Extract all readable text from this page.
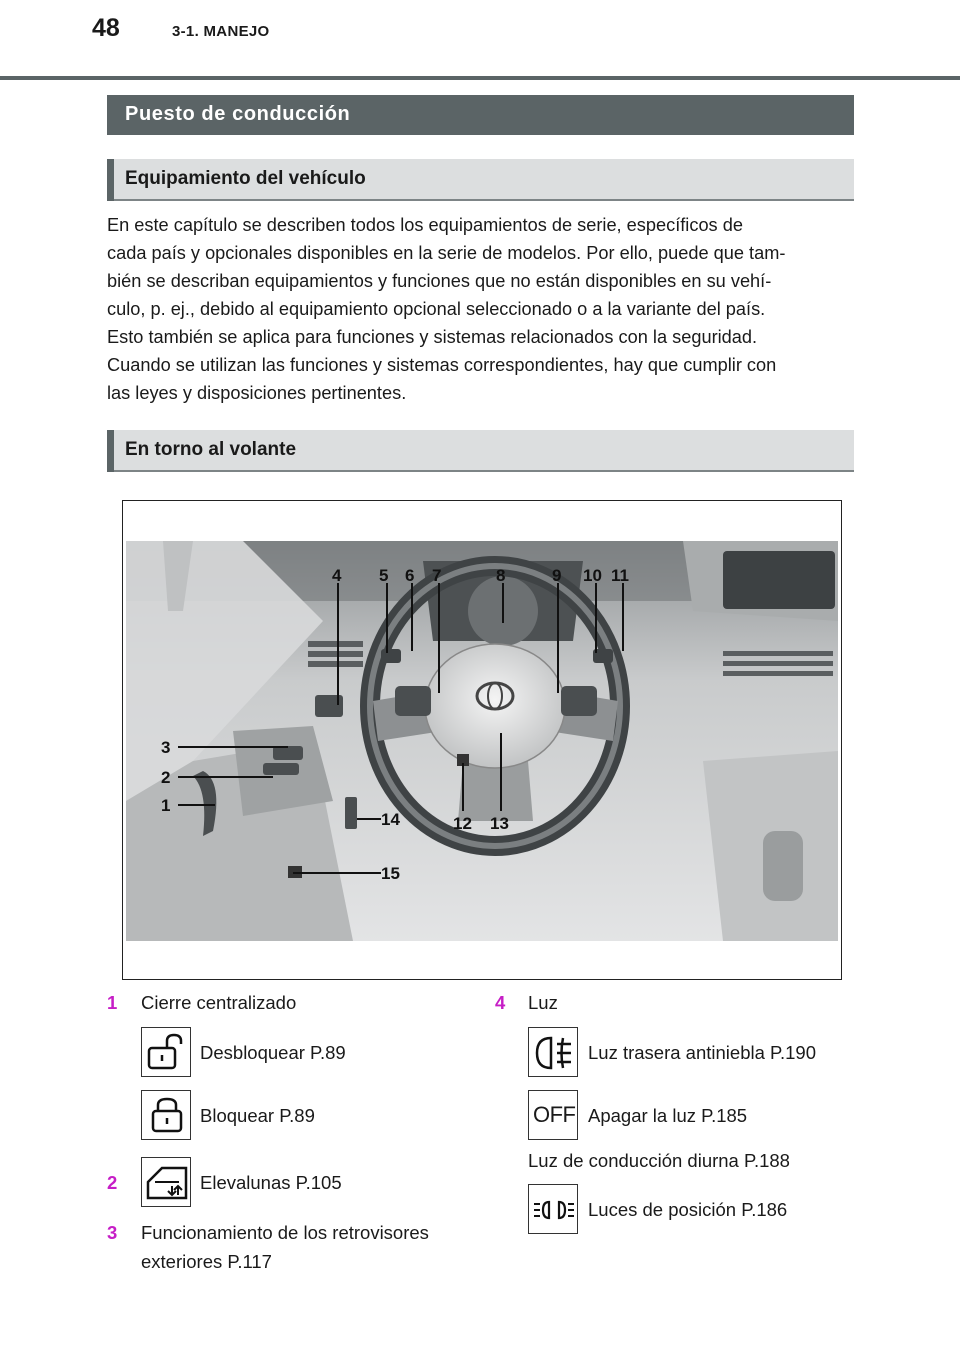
48	3-1. MANEJO
Puesto de conducción
Equipamiento del vehículo
En este capítulo se describen todos los equipamientos de serie, específicos de
cada país y opcionales disponibles en la serie de modelos. Por ello, puede que tam-
bién se describan equipamientos y funciones que no están disponibles en su vehí-
culo, p. ej., debido al equipamiento opcional seleccionado o a la variante del país.
Esto también se aplica para funciones y sistemas relacionados con la seguridad.
Cuando se utilizan las funciones y sistemas correspondientes, hay que cumplir con
las leyes y disposiciones pertinentes.
En torno al volante
4 5 6 7	8	9 10 11
3
2
1
14
15
12 13
1 Cierre centralizado
Desbloquear P.89
Bloquear P.89
2	Elevalunas P.105
3 Funcionamiento de los retrovisores
exteriores P.117
4 Luz
Luz trasera antiniebla P.190
OFF Apagar la luz P.185
Luz de conducción diurna P.188
Luces de posición P.186
